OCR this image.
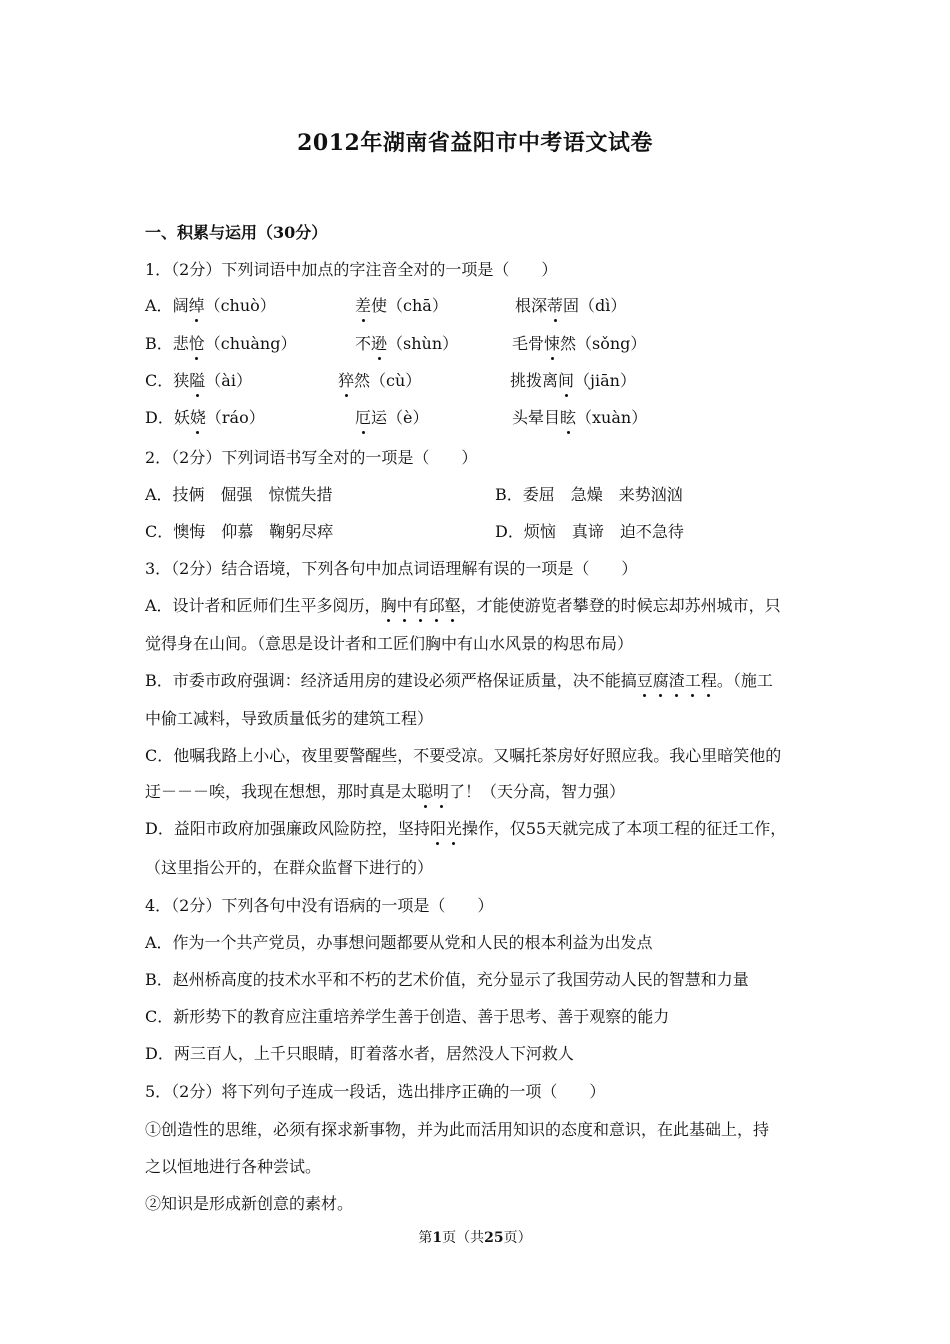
2012年湖南省益阳市中考语文试卷
一、积累与运用（30分）
1．（2分）下列词语中加点的字注音全对的一项是（　　）
A．阔绰（chuò）	差使（chā）	根深蒂固（dì）
B．悲怆（chuàng）	不逊（shùn）	毛骨悚然（sǒng）
C．狭隘（ài）	猝然（cù）	挑拨离间（jiān）
D．妖娆（ráo）	厄运（è）	头晕目眩（xuàn）
2．（2分）下列词语书写全对的一项是（　　）
A．技俩　倔强　惊慌失措	B．委屈　急燥　来势汹汹
C．懊悔　仰慕　鞠躬尽瘁	D．烦恼　真谛　迫不急待
3．（2分）结合语境，下列各句中加点词语理解有误的一项是（　　）
A．设计者和匠师们生平多阅历，胸中有邱壑，才能使游览者攀登的时候忘却苏州城市，只
觉得身在山间。（意思是设计者和工匠们胸中有山水风景的构思布局）
B．市委市政府强调：经济适用房的建设必须严格保证质量，决不能搞豆腐渣工程。（施工
中偷工减料，导致质量低劣的建筑工程）
C．他嘱我路上小心，夜里要警醒些，不要受凉。又嘱托茶房好好照应我。我心里暗笑他的
迂－－－唉，我现在想想，那时真是太聪明了！（天分高，智力强）
D．益阳市政府加强廉政风险防控，坚持阳光操作，仅55天就完成了本项工程的征迁工作，
（这里指公开的，在群众监督下进行的）
4．（2分）下列各句中没有语病的一项是（　　）
A．作为一个共产党员，办事想问题都要从党和人民的根本利益为出发点
B．赵州桥高度的技术水平和不朽的艺术价值，充分显示了我国劳动人民的智慧和力量
C．新形势下的教育应注重培养学生善于创造、善于思考、善于观察的能力
D．两三百人，上千只眼睛，盯着落水者，居然没人下河救人
5．（2分）将下列句子连成一段话，选出排序正确的一项（　　）
①创造性的思维，必须有探求新事物，并为此而活用知识的态度和意识，在此基础上，持
之以恒地进行各种尝试。
②知识是形成新创意的素材。
第1页（共25页）
